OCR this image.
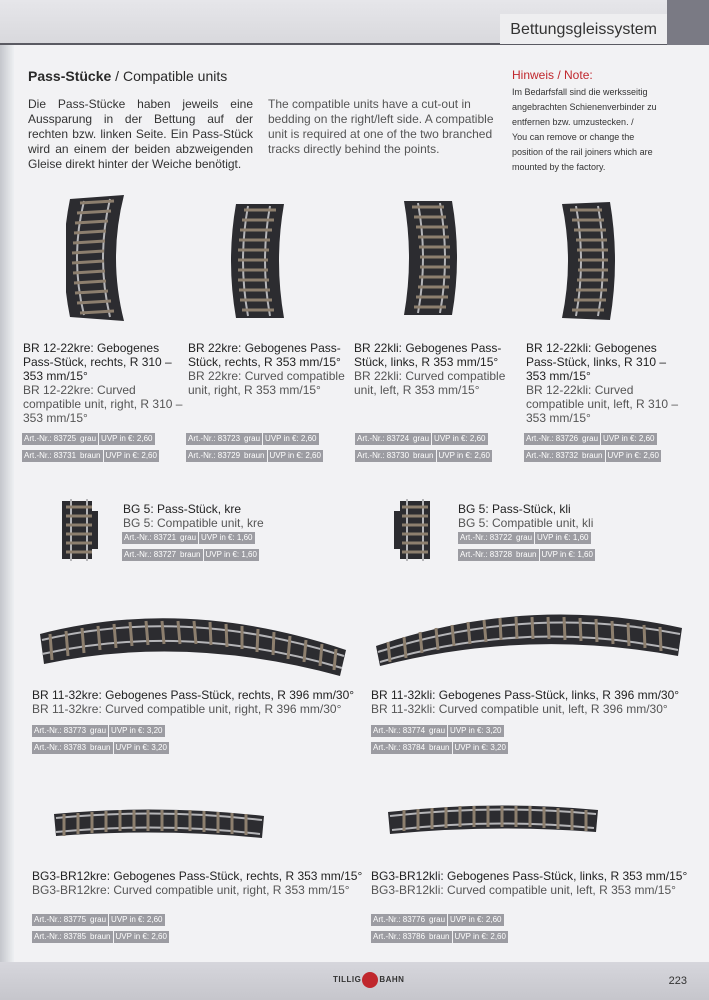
Bettungsgleissystem
Pass-Stücke / Compatible units
Die Pass-Stücke haben jeweils eine Aussparung in der Bettung auf der rechten bzw. linken Seite. Ein Pass-Stück wird an einem der beiden abzweigenden Gleise direkt hinter der Weiche benötigt.
The compatible units have a cut-out in bedding on the right/left side. A compatible unit is required at one of the two branched tracks directly behind the points.
Hinweis / Note:
Im Bedarfsfall sind die werksseitig angebrachten Schienenverbinder zu entfernen bzw. umzustecken. /
You can remove or change the position of the rail joiners which are mounted by the factory.
BR 12-22kre: Gebogenes Pass-Stück, rechts, R 310 – 353 mm/15°
BR 12-22kre: Curved compatible unit, right, R 310 – 353 mm/15°
BR 22kre: Gebogenes Pass-Stück, rechts, R 353 mm/15°
BR 22kre: Curved compatible unit, right, R 353 mm/15°
BR 22kli: Gebogenes Pass-Stück, links, R 353 mm/15°
BR 22kli: Curved compatible unit, left, R 353 mm/15°
BR 12-22kli: Gebogenes Pass-Stück, links, R 310 – 353 mm/15°
BR 12-22kli: Curved compatible unit, left, R 310 – 353 mm/15°
BG 5: Pass-Stück, kre
BG 5: Compatible unit, kre
BG 5: Pass-Stück, kli
BG 5: Compatible unit, kli
BR 11-32kre: Gebogenes Pass-Stück, rechts, R 396 mm/30°
BR 11-32kre: Curved compatible unit, right, R 396 mm/30°
BR 11-32kli: Gebogenes Pass-Stück, links, R 396 mm/30°
BR 11-32kli: Curved compatible unit, left, R 396 mm/30°
BG3-BR12kre: Gebogenes Pass-Stück, rechts, R 353 mm/15°
BG3-BR12kre: Curved compatible unit, right, R 353 mm/15°
BG3-BR12kli: Gebogenes Pass-Stück, links, R 353 mm/15°
BG3-BR12kli: Curved compatible unit, left, R 353 mm/15°
Art.-Nr.: 83725 grau UVP in €: 2,60
Art.-Nr.: 83731 braun UVP in €: 2,60
Art.-Nr.: 83723 grau UVP in €: 2,60
Art.-Nr.: 83729 braun UVP in €: 2,60
Art.-Nr.: 83724 grau UVP in €: 2,60
Art.-Nr.: 83730 braun UVP in €: 2,60
Art.-Nr.: 83726 grau UVP in €: 2,60
Art.-Nr.: 83732 braun UVP in €: 2,60
Art.-Nr.: 83721 grau UVP in €: 1,60
Art.-Nr.: 83727 braun UVP in €: 1,60
Art.-Nr.: 83722 grau UVP in €: 1,60
Art.-Nr.: 83728 braun UVP in €: 1,60
Art.-Nr.: 83773 grau UVP in €: 3,20
Art.-Nr.: 83783 braun UVP in €: 3,20
Art.-Nr.: 83774 grau UVP in €: 3,20
Art.-Nr.: 83784 braun UVP in €: 3,20
Art.-Nr.: 83775 grau UVP in €: 2,60
Art.-Nr.: 83785 braun UVP in €: 2,60
Art.-Nr.: 83776 grau UVP in €: 2,60
Art.-Nr.: 83786 braun UVP in €: 2,60
TILLIG BAHN	223
